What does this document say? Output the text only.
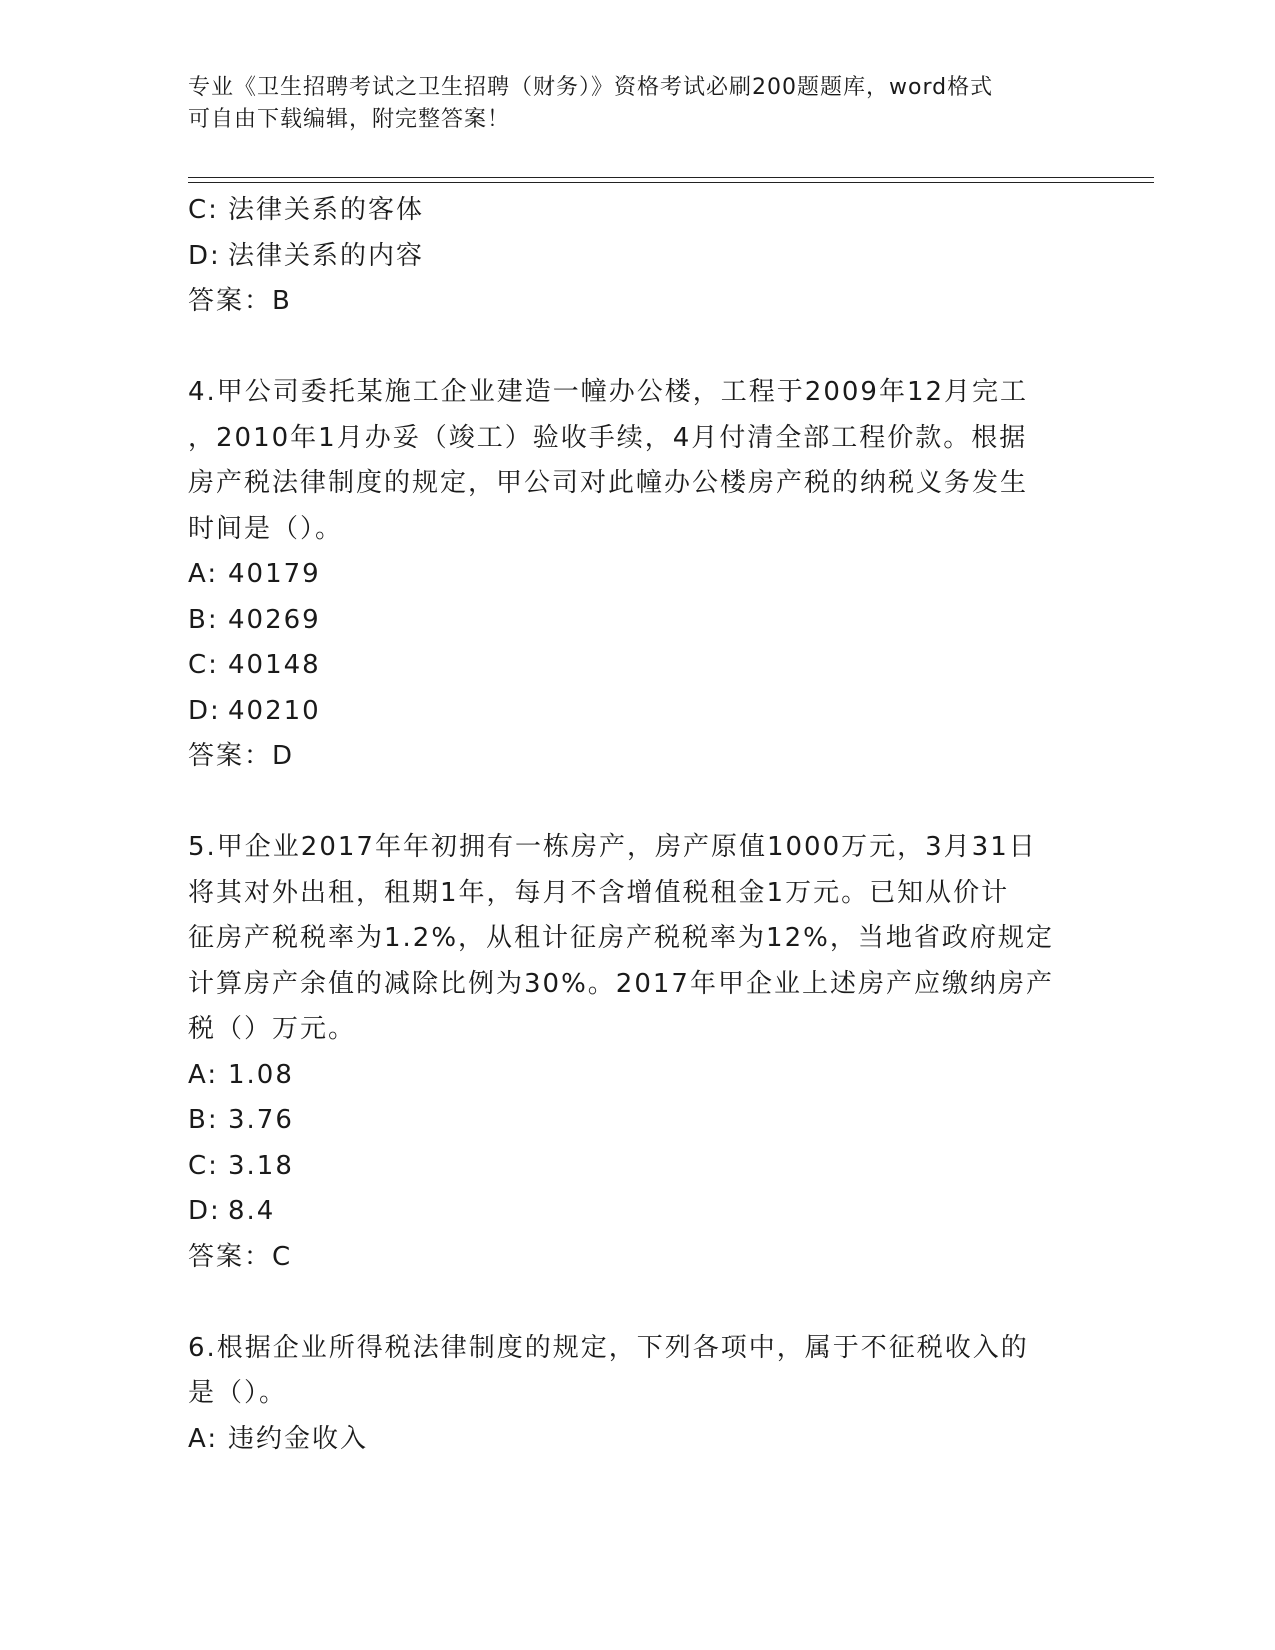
专业《卫生招聘考试之卫生招聘（财务）》资格考试必刷200题题库，word格式
可自由下载编辑，附完整答案！
C: 法律关系的客体
D: 法律关系的内容
答案：B
4.甲公司委托某施工企业建造一幢办公楼，工程于2009年12月完工
，2010年1月办妥（竣工）验收手续，4月付清全部工程价款。根据
房产税法律制度的规定，甲公司对此幢办公楼房产税的纳税义务发生
时间是（）。
A: 40179
B: 40269
C: 40148
D: 40210
答案：D
5.甲企业2017年年初拥有一栋房产，房产原值1000万元，3月31日
将其对外出租，租期1年，每月不含增值税租金1万元。已知从价计
征房产税税率为1.2%，从租计征房产税税率为12%，当地省政府规定
计算房产余值的减除比例为30%。2017年甲企业上述房产应缴纳房产
税（）万元。
A: 1.08
B: 3.76
C: 3.18
D: 8.4
答案：C
6.根据企业所得税法律制度的规定，下列各项中，属于不征税收入的
是（）。
A: 违约金收入
